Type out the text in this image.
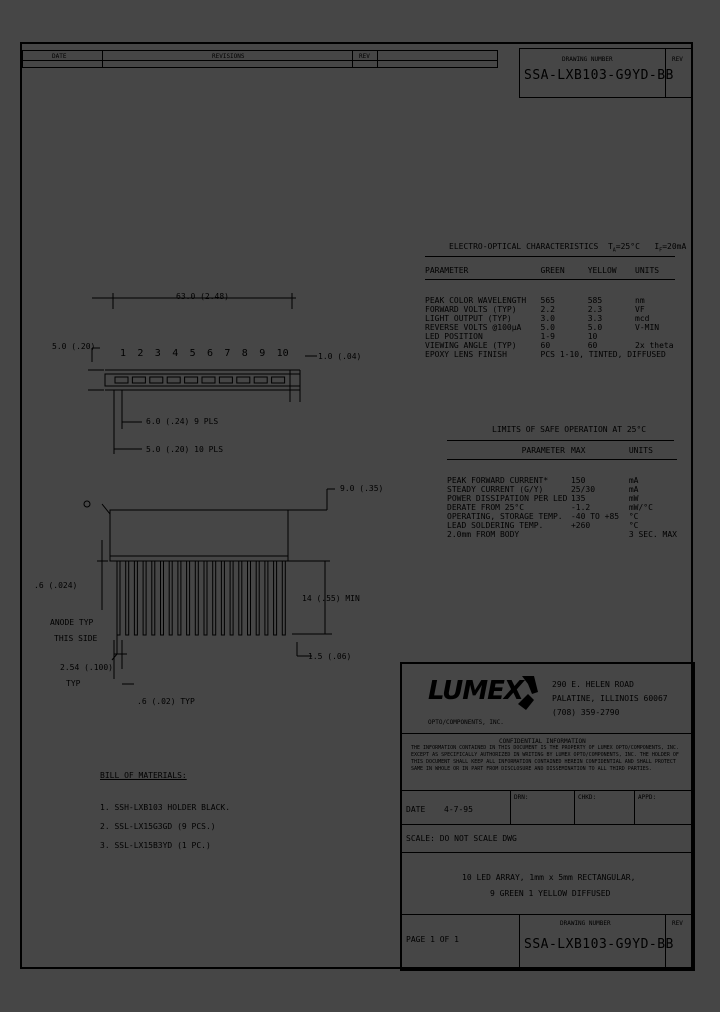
DATE	REVISIONS	REV	DRAWING NUMBER
SSA-LXB103-G9YD-BB
REV
ELECTRO-OPTICAL CHARACTERISTICS $T_A=25^\circ C$ $I_F=20mA$
PARAMETER	GREEN	YELLOW	UNITS

PEAK COLOR WAVELENGTH	565	585	nm
FORWARD VOLTS (TYP)	2.2	2.3	VF
LIGHT OUTPUT (TYP)	3.0	3.3	mcd
REVERSE VOLTS @100µA	5.0	5.0	V-MIN
LED POSITION	1-9	10	
VIEWING ANGLE (TYP)	60	60	2x theta
EPOXY LENS FINISH	PCS 1-10, TINTED, DIFFUSED		
LIMITS OF SAFE OPERATION AT 25°C
PARAMETER	MAX	UNITS

PEAK FORWARD CURRENT*	150	mA
STEADY CURRENT (G/Y)	25/30	mA
POWER DISSIPATION PER LED	135	mW
DERATE FROM 25°C	-1.2	mW/°C
OPERATING, STORAGE TEMP.	-40 TO +85	°C
LEAD SOLDERING TEMP.	+260	°C
2.0mm FROM BODY		3 SEC. MAX
63.0 (2.48)
5.0 (.20)
1.0 (.04)
1 2 3 4 5 6 7 8 9 10
6.0 (.24) 9 PLS
5.0 (.20) 10 PLS
9.0 (.35)
.6 (.024)
ANODE TYP
THIS SIDE
14 (.55) MIN
1.5 (.06)
2.54 (.100)
TYP
.6 (.02) TYP
BILL OF MATERIALS:
1. SSH-LXB103 HOLDER BLACK.
2. SSL-LX15G3GD (9 PCS.)
3. SSL-LX15B3YD (1 PC.)
LUMEX
OPTO/COMPONENTS, INC.
290 E. HELEN ROAD
PALATINE, ILLINOIS 60067
(708) 359-2790
CONFIDENTIAL INFORMATION
THE INFORMATION CONTAINED IN THIS DOCUMENT IS THE PROPERTY OF LUMEX OPTO/COMPONENTS, INC.
EXCEPT AS SPECIFICALLY AUTHORIZED IN WRITING BY LUMEX OPTO/COMPONENTS, INC. THE HOLDER OF
THIS DOCUMENT SHALL KEEP ALL INFORMATION CONTAINED HEREIN CONFIDENTIAL AND SHALL PROTECT
SAME IN WHOLE OR IN PART FROM DISCLOSURE AND DISSEMINATION TO ALL THIRD PARTIES.
DATE 4-7-95
DRN:	CHKD:	APPD:
SCALE: DO NOT SCALE DWG
10 LED ARRAY, 1mm x 5mm RECTANGULAR,
9 GREEN 1 YELLOW DIFFUSED
PAGE 1 OF 1
DRAWING NUMBER
SSA-LXB103-G9YD-BB
REV
